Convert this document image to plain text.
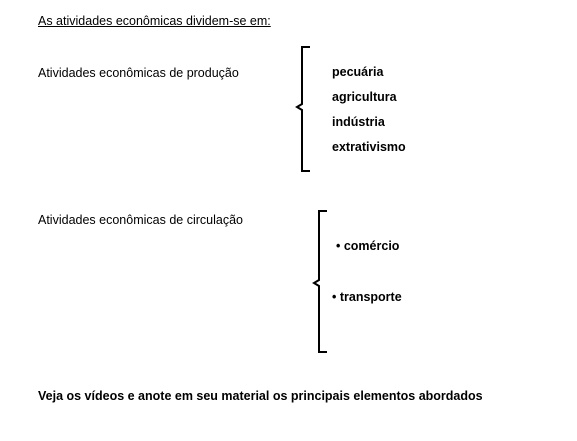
As atividades econômicas dividem-se em:
Atividades econômicas de produção	pecuária
agricultura
indústria
extrativismo
Atividades econômicas de circulação
• comércio
• transporte
Veja os vídeos e anote em seu material os principais elementos abordados
